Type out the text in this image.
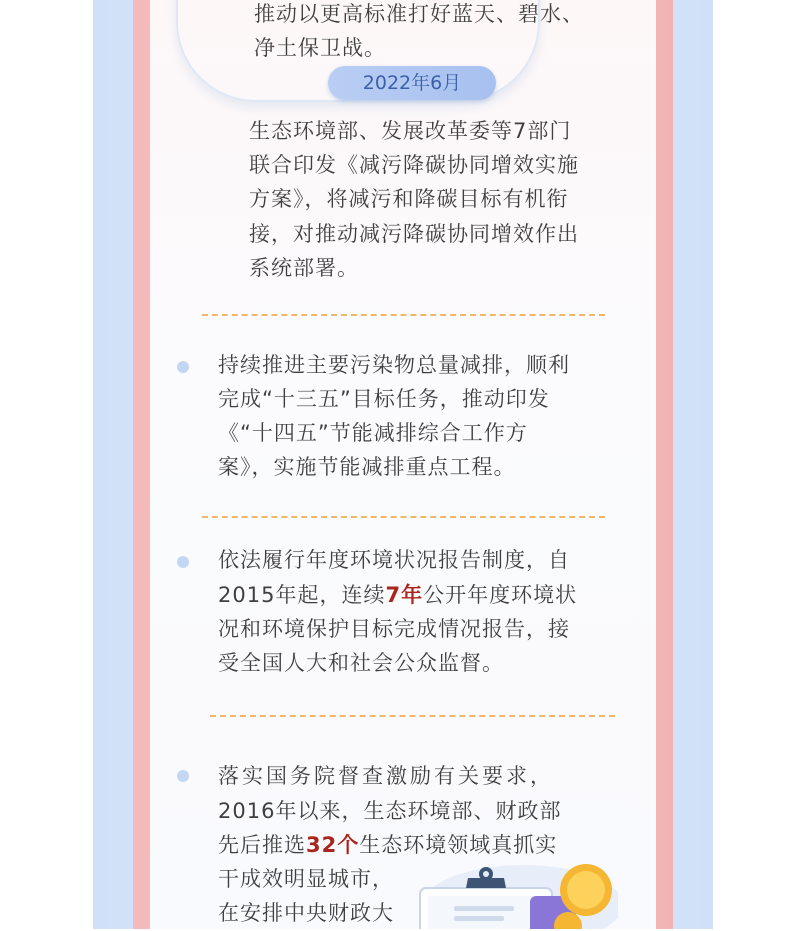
推动以更高标准打好蓝天、碧水、

净土保卫战。

2022年6月

生态环境部、发展改革委等7部门

联合印发《减污降碳协同增效实施

方案》，将减污和降碳目标有机衔

接，对推动减污降碳协同增效作出

系统部署。

持续推进主要污染物总量减排，顺利

完成“十三五”目标任务，推动印发

《“十四五”节能减排综合工作方

案》，实施节能减排重点工程。

依法履行年度环境状况报告制度，自

2015年起，连续7年公开年度环境状

况和环境保护目标完成情况报告，接

受全国人大和社会公众监督。

落实国务院督查激励有关要求，

2016年以来，生态环境部、财政部

先后推选32个生态环境领域真抓实

干成效明显城市，

在安排中央财政大
